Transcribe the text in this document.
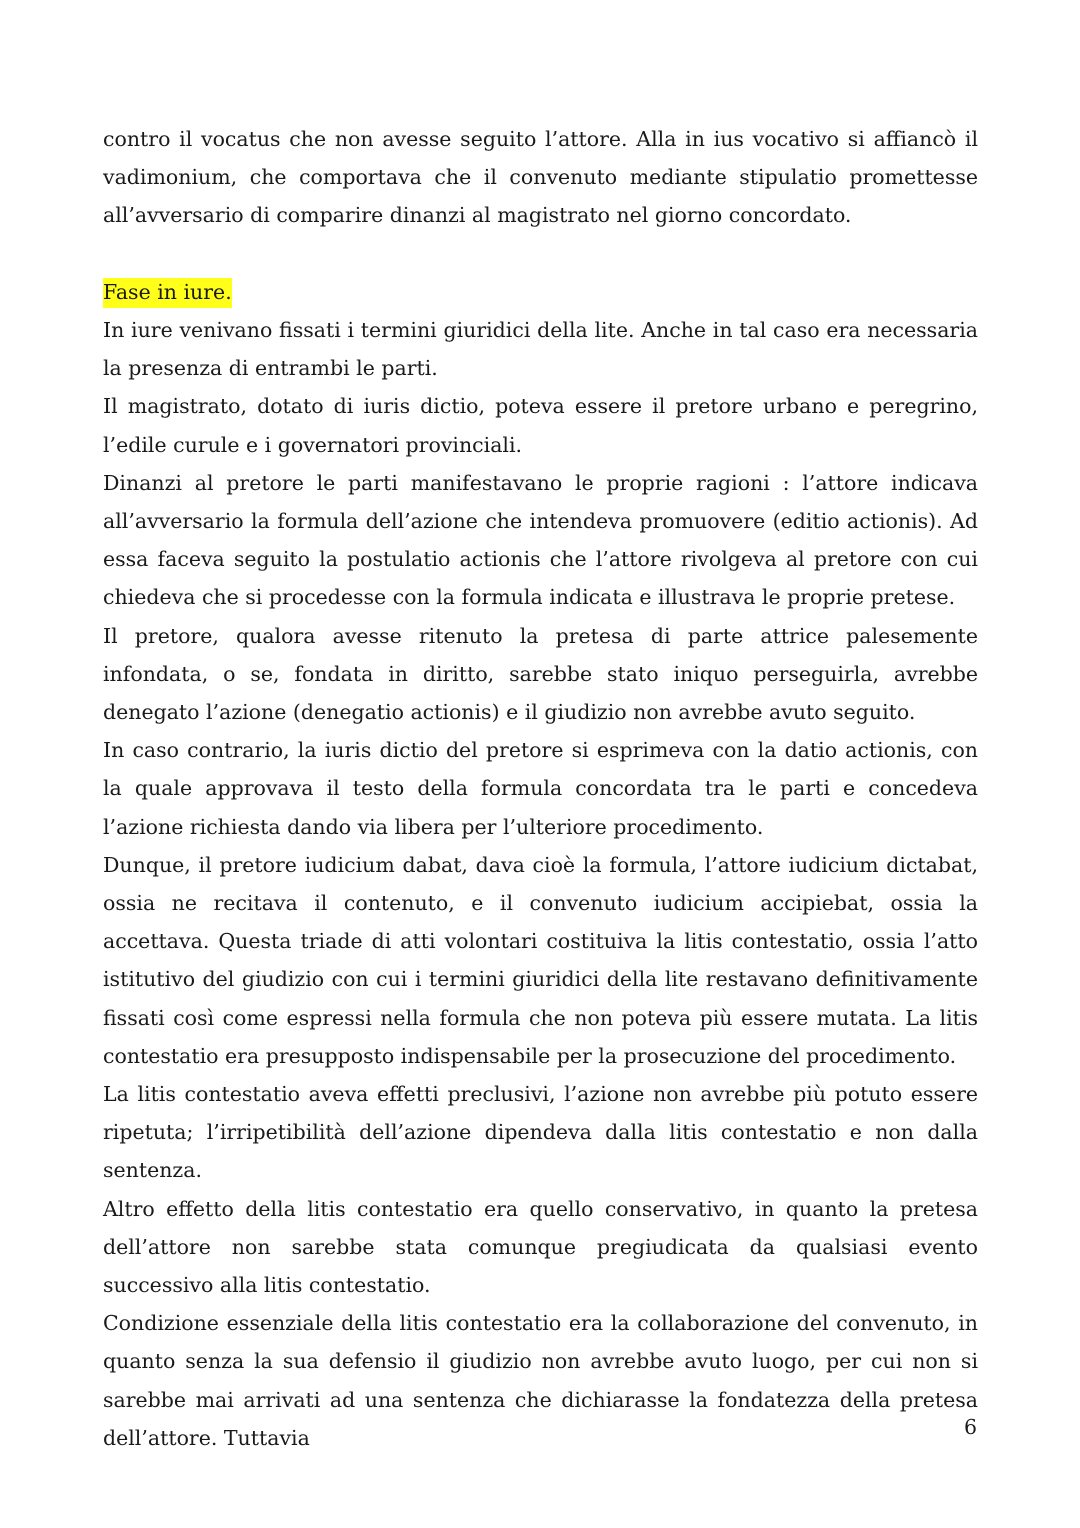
contro il vocatus che non avesse seguito l’attore. Alla in ius vocativo si affiancò il vadimonium, che comportava che il convenuto mediante stipulatio promettesse all’avversario di comparire dinanzi al magistrato nel giorno concordato.

Fase in iure.

In iure venivano fissati i termini giuridici della lite. Anche in tal caso era necessaria la presenza di entrambi le parti.

Il magistrato, dotato di iuris dictio, poteva essere il pretore urbano e peregrino, l’edile curule e i governatori provinciali.

Dinanzi al pretore le parti manifestavano le proprie ragioni : l’attore indicava all’avversario la formula dell’azione che intendeva promuovere (editio actionis). Ad essa faceva seguito la postulatio actionis che l’attore rivolgeva al pretore con cui chiedeva che si procedesse con la formula indicata e illustrava le proprie pretese.

Il pretore, qualora avesse ritenuto la pretesa di parte attrice palesemente infondata, o se, fondata in diritto, sarebbe stato iniquo perseguirla, avrebbe denegato l’azione (denegatio actionis) e il giudizio non avrebbe avuto seguito.

In caso contrario, la iuris dictio del pretore si esprimeva con la datio actionis, con la quale approvava il testo della formula concordata tra le parti e concedeva l’azione richiesta dando via libera per l’ulteriore procedimento.

Dunque, il pretore iudicium dabat, dava cioè la formula, l’attore iudicium dictabat, ossia ne recitava il contenuto, e il convenuto iudicium accipiebat, ossia la accettava. Questa triade di atti volontari costituiva la litis contestatio, ossia l’atto istitutivo del giudizio con cui i termini giuridici della lite restavano definitivamente fissati così come espressi nella formula che non poteva più essere mutata. La litis contestatio era presupposto indispensabile per la prosecuzione del procedimento.

La litis contestatio aveva effetti preclusivi, l’azione non avrebbe più potuto essere ripetuta; l’irripetibilità dell’azione dipendeva dalla litis contestatio e non dalla sentenza.

Altro effetto della litis contestatio era quello conservativo, in quanto la pretesa dell’attore non sarebbe stata comunque pregiudicata da qualsiasi evento successivo alla litis contestatio.

Condizione essenziale della litis contestatio era la collaborazione del convenuto, in quanto senza la sua defensio il giudizio non avrebbe avuto luogo, per cui non si sarebbe mai arrivati ad una sentenza che dichiarasse la fondatezza della pretesa dell’attore. Tuttavia	6
